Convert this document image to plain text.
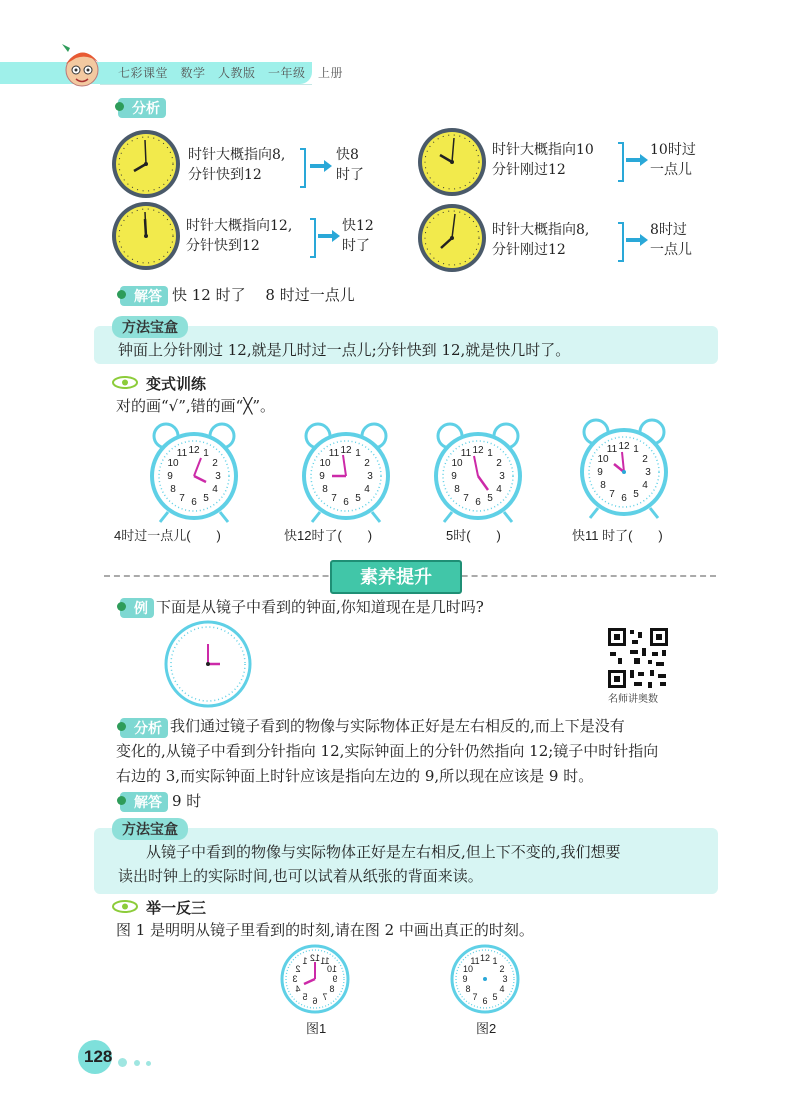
七彩课堂　数学　人教版　一年级　上册
分析
时针大概指向8,
分针快到12
快8
时了
时针大概指向10
分针刚过12
10时过
一点儿
时针大概指向12,
分针快到12
快12
时了
时针大概指向8,
分针刚过12
8时过
一点儿
解答 快 12 时了　 8 时过一点儿
方法宝盒
钟面上分针刚过 12,就是几时过一点儿;分针快到 12,就是快几时了。
变式训练
对的画“√”,错的画“╳”。
12 1
2
3
4
5
6
7
8
9
10
11
4时过一点儿(　　)
12 1
2
3
4
5
6
7
8
9
10
11
快12时了(　　)
12 1
2
3
4
5
6
7
8
9
10
11
5时(　　)
12 1
2
3
4
5
6
7
8
9
10
11
快11 时了(　　)
素养提升
例 下面是从镜子中看到的钟面,你知道现在是几时吗?
名师讲奥数
分析 我们通过镜子看到的物像与实际物体正好是左右相反的,而上下是没有
变化的,从镜子中看到分针指向 12,实际钟面上的分针仍然指向 12;镜子中时针指向
右边的 3,而实际钟面上时针应该是指向左边的 9,所以现在应该是 9 时。
解答 9 时
方法宝盒
从镜子中看到的物像与实际物体正好是左右相反,但上下不变的,我们想要
读出时钟上的实际时间,也可以试着从纸张的背面来读。
举一反三
图 1 是明明从镜子里看到的时刻,请在图 2 中画出真正的时刻。
12
1
2
3
4
5 6 7
8
9
10
11
图1
12 1
2
3
4
5
6
7
8
9
10
11
图2
128
